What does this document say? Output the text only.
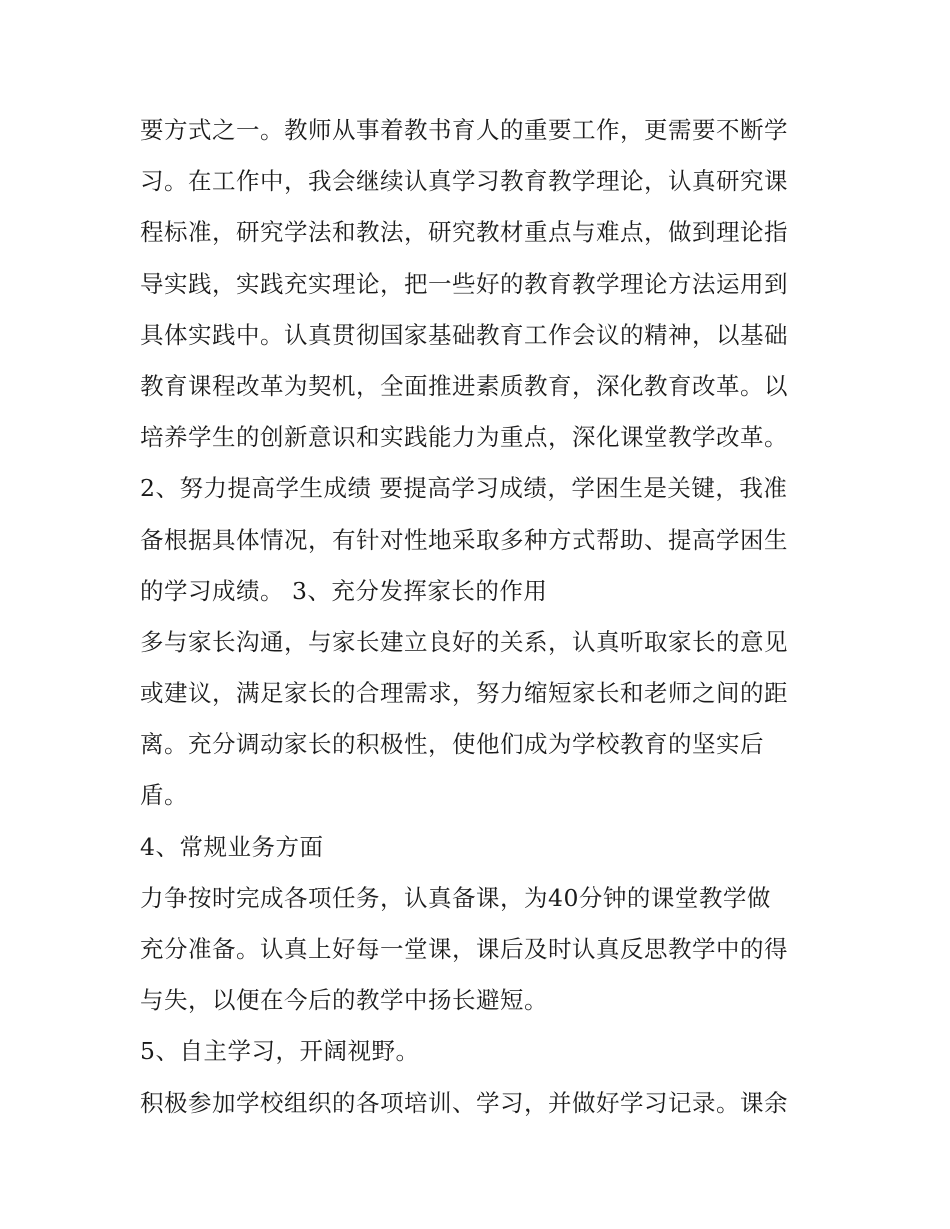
要方式之一。教师从事着教书育人的重要工作，更需要不断学
习。在工作中，我会继续认真学习教育教学理论，认真研究课
程标准，研究学法和教法，研究教材重点与难点，做到理论指
导实践，实践充实理论，把一些好的教育教学理论方法运用到
具体实践中。认真贯彻国家基础教育工作会议的精神，以基础
教育课程改革为契机，全面推进素质教育，深化教育改革。以
培养学生的创新意识和实践能力为重点，深化课堂教学改革。
2、努力提高学生成绩 要提高学习成绩，学困生是关键，我准
备根据具体情况，有针对性地采取多种方式帮助、提高学困生
的学习成绩。 3、充分发挥家长的作用
多与家长沟通，与家长建立良好的关系，认真听取家长的意见
或建议，满足家长的合理需求，努力缩短家长和老师之间的距
离。充分调动家长的积极性，使他们成为学校教育的坚实后
盾。
4、常规业务方面
力争按时完成各项任务，认真备课，为40分钟的课堂教学做
充分准备。认真上好每一堂课，课后及时认真反思教学中的得
与失，以便在今后的教学中扬长避短。
5、自主学习，开阔视野。
积极参加学校组织的各项培训、学习，并做好学习记录。课余
